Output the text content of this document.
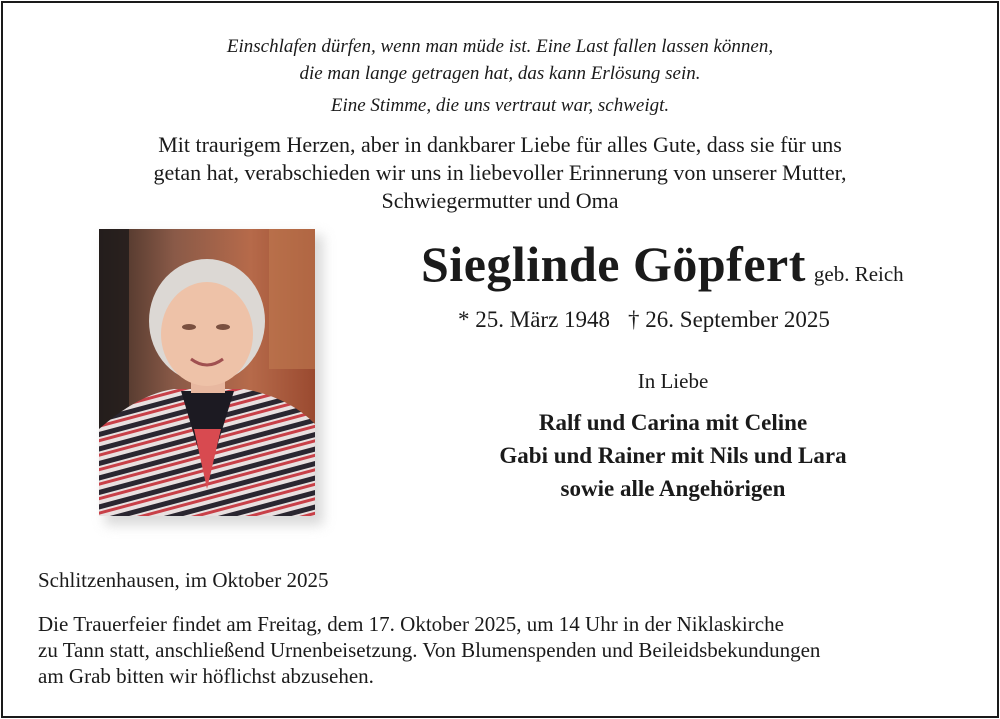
Einschlafen dürfen, wenn man müde ist. Eine Last fallen lassen können,
die man lange getragen hat, das kann Erlösung sein.
Eine Stimme, die uns vertraut war, schweigt.
Mit traurigem Herzen, aber in dankbarer Liebe für alles Gute, dass sie für uns
getan hat, verabschieden wir uns in liebevoller Erinnerung von unserer Mutter,
Schwiegermutter und Oma
Sieglinde Göpfert geb. Reich
* 25. März 1948 † 26. September 2025
In Liebe
Ralf und Carina mit Celine
Gabi und Rainer mit Nils und Lara
sowie alle Angehörigen
Schlitzenhausen, im Oktober 2025
Die Trauerfeier findet am Freitag, dem 17. Oktober 2025, um 14 Uhr in der Niklaskirche
zu Tann statt, anschließend Urnenbeisetzung. Von Blumenspenden und Beileidsbekundungen
am Grab bitten wir höflichst abzusehen.
